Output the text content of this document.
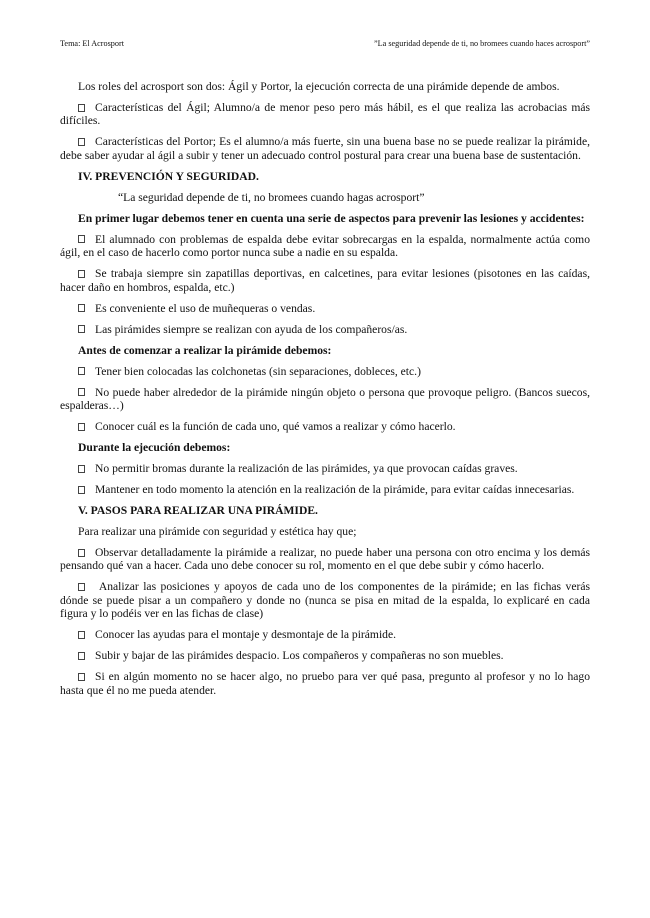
Tema: El Acrosport	”La seguridad depende de ti, no bromees cuando haces acrosport”

Los roles del acrosport son dos: Ágil y Portor, la ejecución correcta de una pirámide depende de ambos.

Características del Ágil; Alumno/a de menor peso pero más hábil, es el que realiza las acrobacias más difíciles.

Características del Portor; Es el alumno/a más fuerte, sin una buena base no se puede realizar la pirámide, debe saber ayudar al ágil a subir y tener un adecuado control postural para crear una buena base de sustentación.

IV. PREVENCIÓN Y SEGURIDAD.

“La seguridad depende de ti, no bromees cuando hagas acrosport”

En primer lugar debemos tener en cuenta una serie de aspectos para prevenir las lesiones y accidentes:

El alumnado con problemas de espalda debe evitar sobrecargas en la espalda, normalmente actúa como ágil, en el caso de hacerlo como portor nunca sube a nadie en su espalda.

Se trabaja siempre sin zapatillas deportivas, en calcetines, para evitar lesiones (pisotones en las caídas, hacer daño en hombros, espalda, etc.)

Es conveniente el uso de muñequeras o vendas.

Las pirámides siempre se realizan con ayuda de los compañeros/as.

Antes de comenzar a realizar la pirámide debemos:

Tener bien colocadas las colchonetas (sin separaciones, dobleces, etc.)

No puede haber alrededor de la pirámide ningún objeto o persona que provoque peligro. (Bancos suecos, espalderas…)

Conocer cuál es la función de cada uno, qué vamos a realizar y cómo hacerlo.

Durante la ejecución debemos:

No permitir bromas durante la realización de las pirámides, ya que provocan caídas graves.

Mantener en todo momento la atención en la realización de la pirámide, para evitar caídas innecesarias.

V. PASOS PARA REALIZAR UNA PIRÁMIDE.

Para realizar una pirámide con seguridad y estética hay que;

Observar detalladamente la pirámide a realizar, no puede haber una persona con otro encima y los demás pensando qué van a hacer. Cada uno debe conocer su rol, momento en el que debe subir y cómo hacerlo.

Analizar las posiciones y apoyos de cada uno de los componentes de la pirámide; en las fichas verás dónde se puede pisar a un compañero y donde no (nunca se pisa en mitad de la espalda, lo explicaré en cada figura y lo podéis ver en las fichas de clase)

Conocer las ayudas para el montaje y desmontaje de la pirámide.

Subir y bajar de las pirámides despacio. Los compañeros y compañeras no son muebles.

Si en algún momento no se hacer algo, no pruebo para ver qué pasa, pregunto al profesor y no lo hago hasta que él no me pueda atender.
